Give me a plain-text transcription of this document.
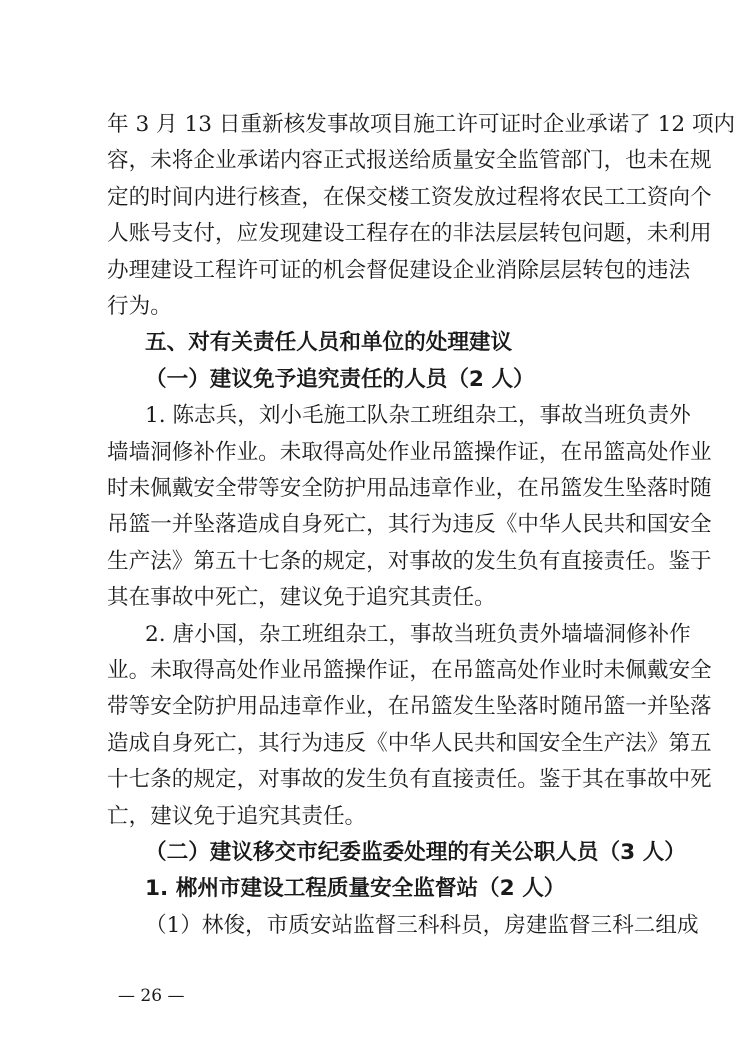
年 3 月 13 日重新核发事故项目施工许可证时企业承诺了 12 项内
容，未将企业承诺内容正式报送给质量安全监管部门，也未在规
定的时间内进行核查，在保交楼工资发放过程将农民工工资向个
人账号支付，应发现建设工程存在的非法层层转包问题，未利用
办理建设工程许可证的机会督促建设企业消除层层转包的违法
行为。
五、对有关责任人员和单位的处理建议
（一）建议免予追究责任的人员（2 人）
1. 陈志兵，刘小毛施工队杂工班组杂工，事故当班负责外
墙墙洞修补作业。未取得高处作业吊篮操作证，在吊篮高处作业
时未佩戴安全带等安全防护用品违章作业，在吊篮发生坠落时随
吊篮一并坠落造成自身死亡，其行为违反《中华人民共和国安全
生产法》第五十七条的规定，对事故的发生负有直接责任。鉴于
其在事故中死亡，建议免于追究其责任。
2. 唐小国，杂工班组杂工，事故当班负责外墙墙洞修补作
业。未取得高处作业吊篮操作证，在吊篮高处作业时未佩戴安全
带等安全防护用品违章作业，在吊篮发生坠落时随吊篮一并坠落
造成自身死亡，其行为违反《中华人民共和国安全生产法》第五
十七条的规定，对事故的发生负有直接责任。鉴于其在事故中死
亡，建议免于追究其责任。
（二）建议移交市纪委监委处理的有关公职人员（3 人）
1. 郴州市建设工程质量安全监督站（2 人）
（1）林俊，市质安站监督三科科员，房建监督三科二组成
— 26 —
